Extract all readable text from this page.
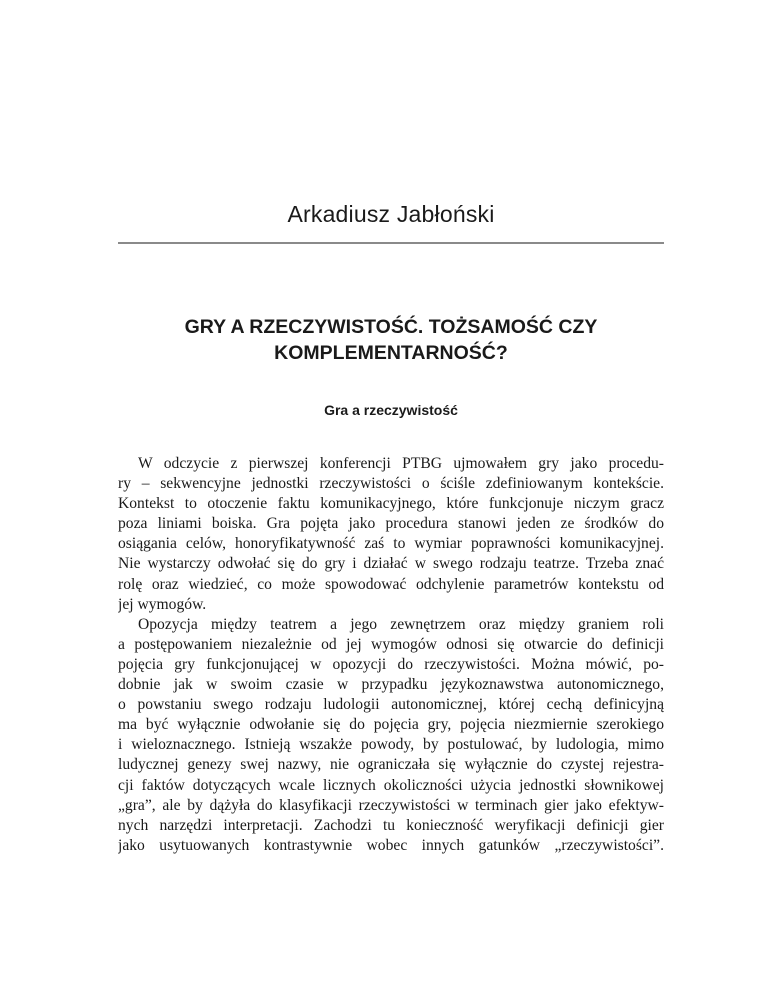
Arkadiusz Jabłoński
GRY A RZECZYWISTOŚĆ. TOŻSAMOŚĆ CZY
KOMPLEMENTARNOŚĆ?
Gra a rzeczywistość
W odczycie z pierwszej konferencji PTBG ujmowałem gry jako procedu-
ry – sekwencyjne jednostki rzeczywistości o ściśle zdefiniowanym kontekście.
Kontekst to otoczenie faktu komunikacyjnego, które funkcjonuje niczym gracz
poza liniami boiska. Gra pojęta jako procedura stanowi jeden ze środków do
osiągania celów, honoryfikatywność zaś to wymiar poprawności komunikacyjnej.
Nie wystarczy odwołać się do gry i działać w swego rodzaju teatrze. Trzeba znać
rolę oraz wiedzieć, co może spowodować odchylenie parametrów kontekstu od
jej wymogów.
Opozycja między teatrem a jego zewnętrzem oraz między graniem roli
a postępowaniem niezależnie od jej wymogów odnosi się otwarcie do definicji
pojęcia gry funkcjonującej w opozycji do rzeczywistości. Można mówić, po-
dobnie jak w swoim czasie w przypadku językoznawstwa autonomicznego,
o powstaniu swego rodzaju ludologii autonomicznej, której cechą definicyjną
ma być wyłącznie odwołanie się do pojęcia gry, pojęcia niezmiernie szerokiego
i wieloznacznego. Istnieją wszakże powody, by postulować, by ludologia, mimo
ludycznej genezy swej nazwy, nie ograniczała się wyłącznie do czystej rejestra-
cji faktów dotyczących wcale licznych okoliczności użycia jednostki słownikowej
„gra”, ale by dążyła do klasyfikacji rzeczywistości w terminach gier jako efektyw-
nych narzędzi interpretacji. Zachodzi tu konieczność weryfikacji definicji gier
jako usytuowanych kontrastywnie wobec innych gatunków „rzeczywistości”.
